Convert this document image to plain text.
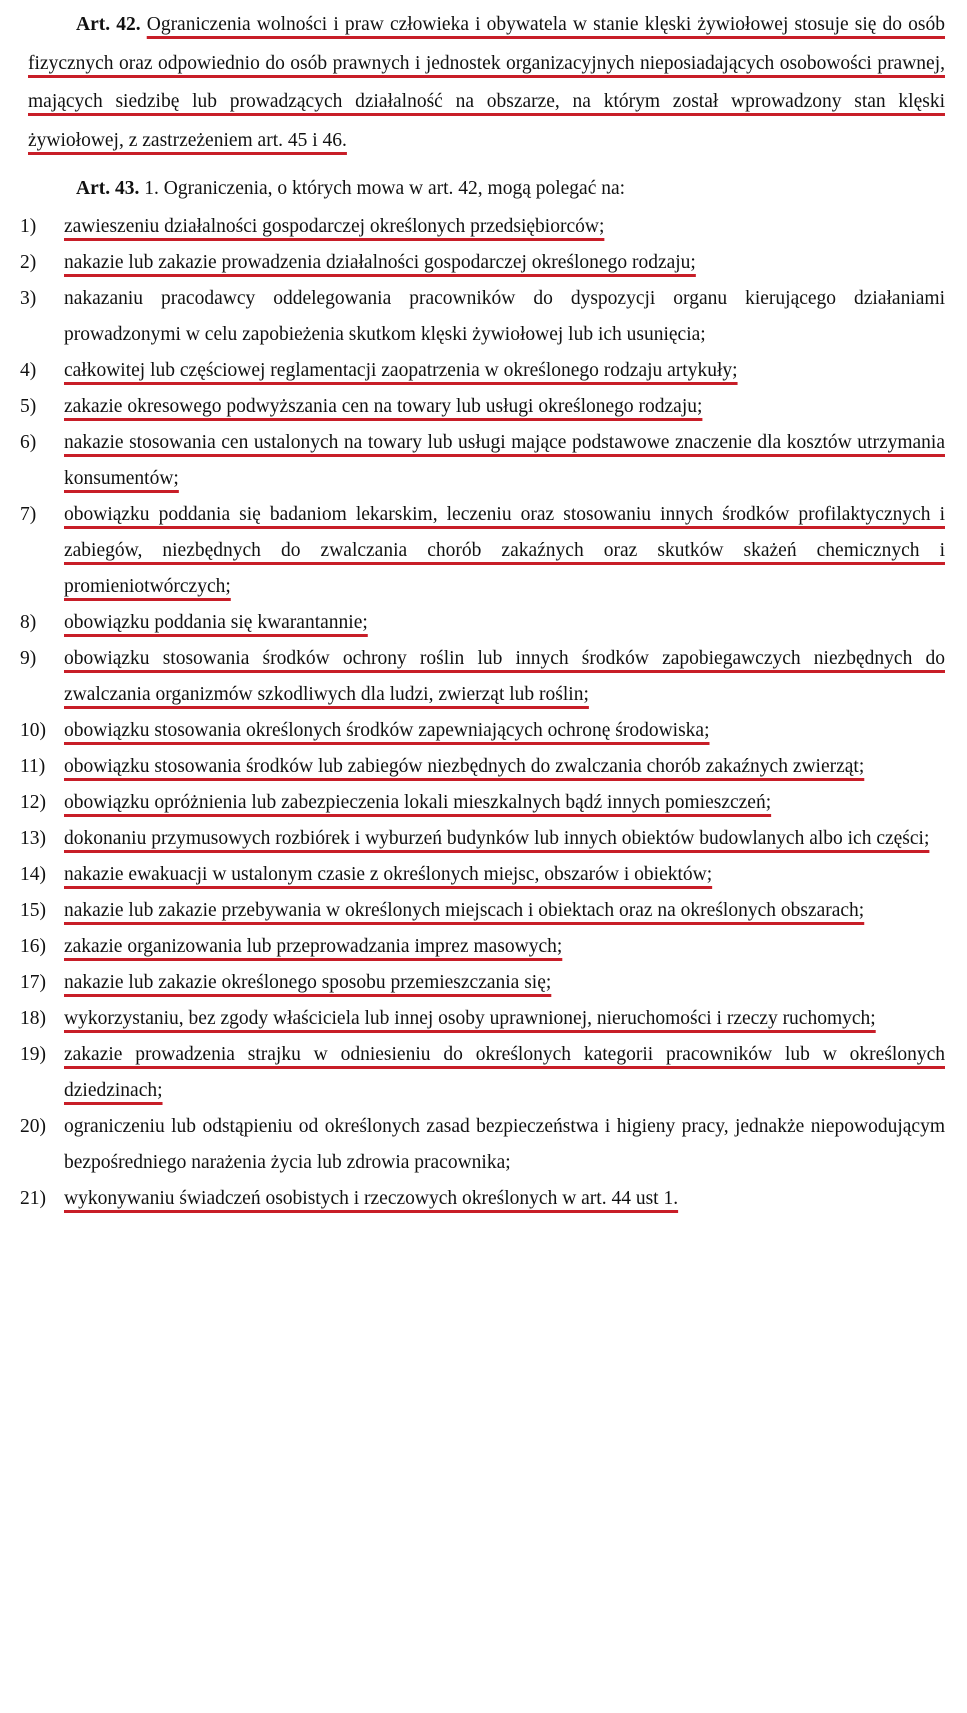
Art. 42. Ograniczenia wolności i praw człowieka i obywatela w stanie klęski żywiołowej stosuje się do osób fizycznych oraz odpowiednio do osób prawnych i jednostek organizacyjnych nieposiadających osobowości prawnej, mających siedzibę lub prowadzących działalność na obszarze, na którym został wprowadzony stan klęski żywiołowej, z zastrzeżeniem art. 45 i 46.

Art. 43. 1. Ograniczenia, o których mowa w art. 42, mogą polegać na:

1)	zawieszeniu działalności gospodarczej określonych przedsiębiorców;
2)	nakazie lub zakazie prowadzenia działalności gospodarczej określonego rodzaju;
3)	nakazaniu pracodawcy oddelegowania pracowników do dyspozycji organu kierującego działaniami prowadzonymi w celu zapobieżenia skutkom klęski żywiołowej lub ich usunięcia;
4)	całkowitej lub częściowej reglamentacji zaopatrzenia w określonego rodzaju artykuły;
5)	zakazie okresowego podwyższania cen na towary lub usługi określonego rodzaju;
6)	nakazie stosowania cen ustalonych na towary lub usługi mające podstawowe znaczenie dla kosztów utrzymania konsumentów;
7)	obowiązku poddania się badaniom lekarskim, leczeniu oraz stosowaniu innych środków profilaktycznych i zabiegów, niezbędnych do zwalczania chorób zakaźnych oraz skutków skażeń chemicznych i promieniotwórczych;
8)	obowiązku poddania się kwarantannie;
9)	obowiązku stosowania środków ochrony roślin lub innych środków zapobiegawczych niezbędnych do zwalczania organizmów szkodliwych dla ludzi, zwierząt lub roślin;
10) obowiązku stosowania określonych środków zapewniających ochronę środowiska;
11) obowiązku stosowania środków lub zabiegów niezbędnych do zwalczania chorób zakaźnych zwierząt;
12) obowiązku opróżnienia lub zabezpieczenia lokali mieszkalnych bądź innych pomieszczeń;
13) dokonaniu przymusowych rozbiórek i wyburzeń budynków lub innych obiektów budowlanych albo ich części;
14) nakazie ewakuacji w ustalonym czasie z określonych miejsc, obszarów i obiektów;
15) nakazie lub zakazie przebywania w określonych miejscach i obiektach oraz na określonych obszarach;
16) zakazie organizowania lub przeprowadzania imprez masowych;
17) nakazie lub zakazie określonego sposobu przemieszczania się;
18) wykorzystaniu, bez zgody właściciela lub innej osoby uprawnionej, nieruchomości i rzeczy ruchomych;
19) zakazie prowadzenia strajku w odniesieniu do określonych kategorii pracowników lub w określonych dziedzinach;
20) ograniczeniu lub odstąpieniu od określonych zasad bezpieczeństwa i higieny pracy, jednakże niepowodującym bezpośredniego narażenia życia lub zdrowia pracownika;
21) wykonywaniu świadczeń osobistych i rzeczowych określonych w art. 44 ust 1.
